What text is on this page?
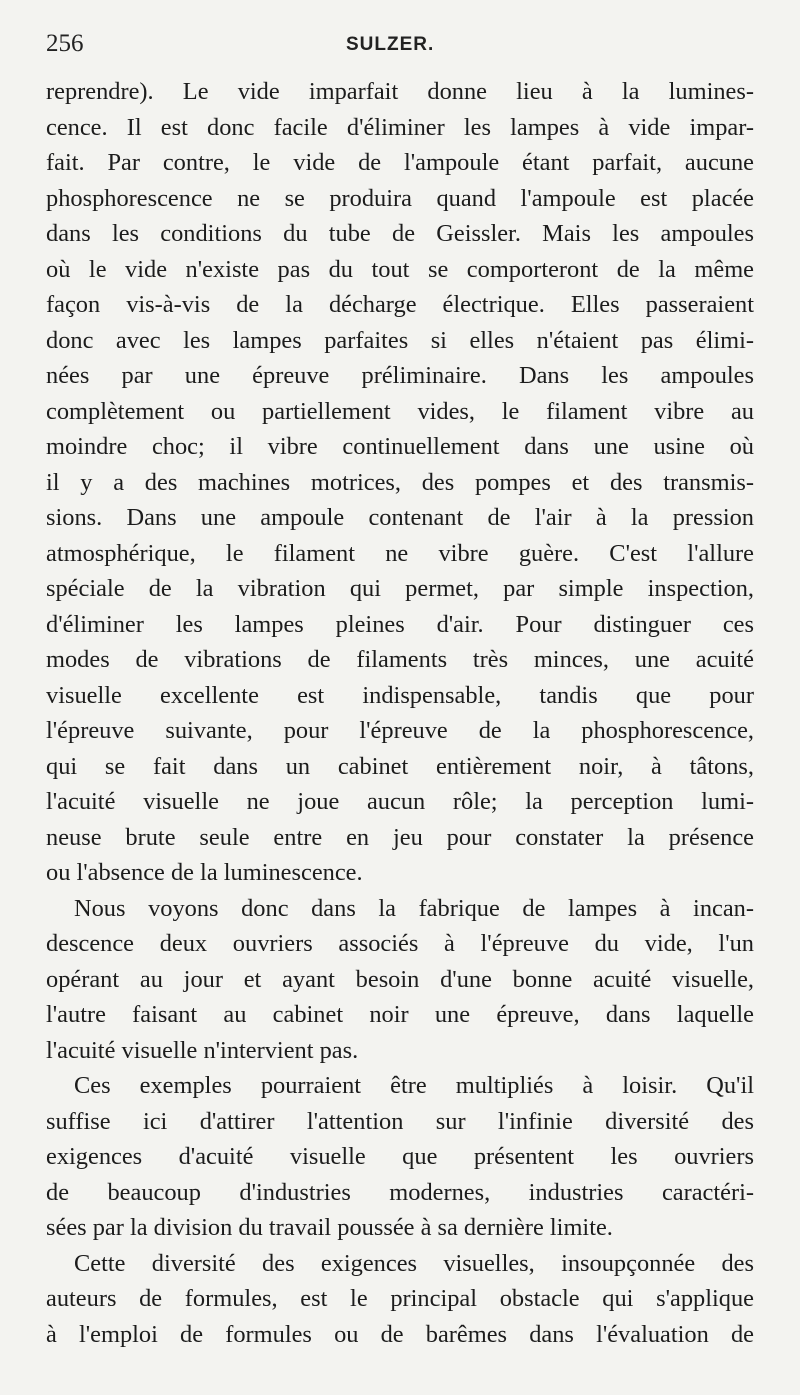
256	SULZER.
reprendre). Le vide imparfait donne lieu à la lumines-
cence. Il est donc facile d'éliminer les lampes à vide impar-
fait. Par contre, le vide de l'ampoule étant parfait, aucune
phosphorescence ne se produira quand l'ampoule est placée
dans les conditions du tube de Geissler. Mais les ampoules
où le vide n'existe pas du tout se comporteront de la même
façon vis-à-vis de la décharge électrique. Elles passeraient
donc avec les lampes parfaites si elles n'étaient pas élimi-
nées par une épreuve préliminaire. Dans les ampoules
complètement ou partiellement vides, le filament vibre au
moindre choc; il vibre continuellement dans une usine où
il y a des machines motrices, des pompes et des transmis-
sions. Dans une ampoule contenant de l'air à la pression
atmosphérique, le filament ne vibre guère. C'est l'allure
spéciale de la vibration qui permet, par simple inspection,
d'éliminer les lampes pleines d'air. Pour distinguer ces
modes de vibrations de filaments très minces, une acuité
visuelle excellente est indispensable, tandis que pour
l'épreuve suivante, pour l'épreuve de la phosphorescence,
qui se fait dans un cabinet entièrement noir, à tâtons,
l'acuité visuelle ne joue aucun rôle; la perception lumi-
neuse brute seule entre en jeu pour constater la présence
ou l'absence de la luminescence.
Nous voyons donc dans la fabrique de lampes à incan-
descence deux ouvriers associés à l'épreuve du vide, l'un
opérant au jour et ayant besoin d'une bonne acuité visuelle,
l'autre faisant au cabinet noir une épreuve, dans laquelle
l'acuité visuelle n'intervient pas.
Ces exemples pourraient être multipliés à loisir. Qu'il
suffise ici d'attirer l'attention sur l'infinie diversité des
exigences d'acuité visuelle que présentent les ouvriers
de beaucoup d'industries modernes, industries caractéri-
sées par la division du travail poussée à sa dernière limite.
Cette diversité des exigences visuelles, insoupçonnée des
auteurs de formules, est le principal obstacle qui s'applique
à l'emploi de formules ou de barêmes dans l'évaluation de
